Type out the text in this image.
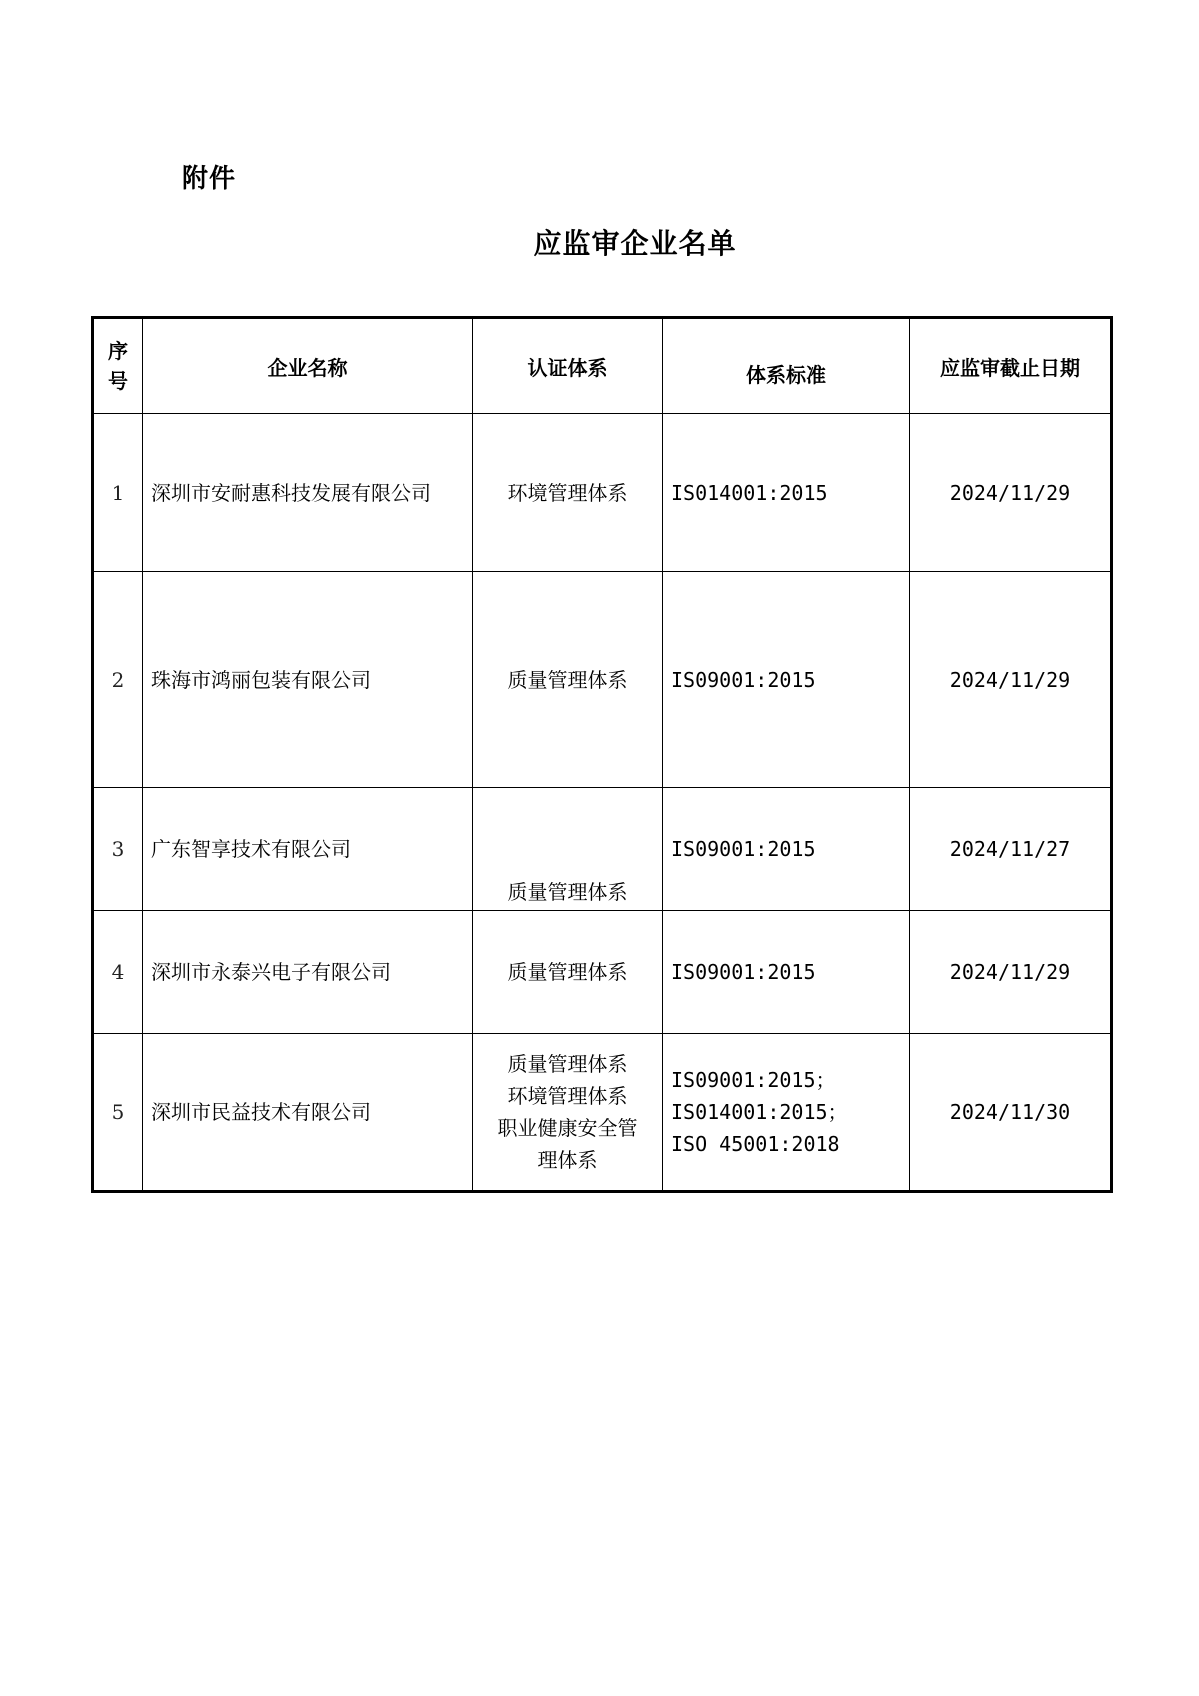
附件
应监审企业名单
序
号	企业名称	认证体系	体系标准	应监审截止日期
1	深圳市安耐惠科技发展有限公司	环境管理体系	IS014001:2015	2024/11/29
2	珠海市鸿丽包装有限公司	质量管理体系	IS09001:2015	2024/11/29
3	广东智享技术有限公司	质量管理体系	IS09001:2015	2024/11/27
4	深圳市永泰兴电子有限公司	质量管理体系	IS09001:2015	2024/11/29
5	深圳市民益技术有限公司	质量管理体系
环境管理体系
职业健康安全管
理体系	IS09001:2015；
IS014001:2015；
ISO 45001:2018	2024/11/30
